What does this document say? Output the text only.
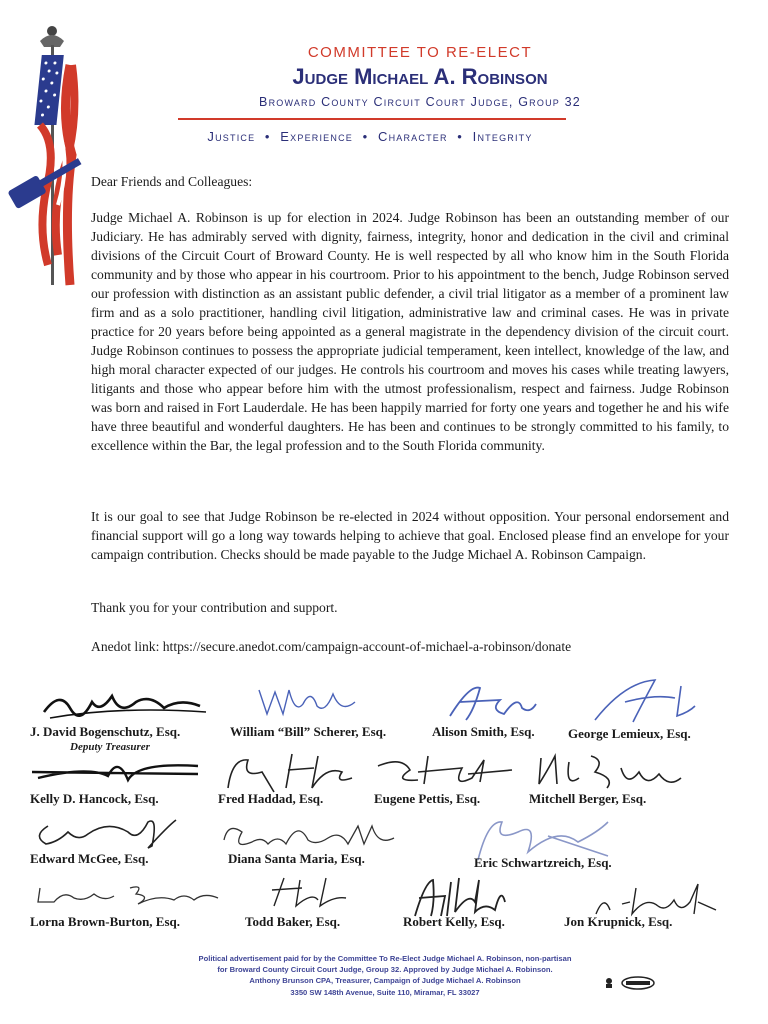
COMMITTEE TO RE-ELECT
Judge Michael A. Robinson
Broward County Circuit Court Judge, Group 32
Justice  •  Experience  •  Character  •  Integrity
Dear Friends and Colleagues:
Judge Michael A. Robinson is up for election in 2024. Judge Robinson has been an outstanding member of our Judiciary. He has admirably served with dignity, fairness, integrity, honor and dedication in the civil and criminal divisions of the Circuit Court of Broward County. He is well respected by all who know him in the South Florida community and by those who appear in his courtroom. Prior to his appointment to the bench, Judge Robinson served our profession with distinction as an assistant public defender, a civil trial litigator as a member of a prominent law firm and as a solo practitioner, handling civil litigation, administrative law and criminal cases. He was in private practice for 20 years before being appointed as a general magistrate in the dependency division of the circuit court. Judge Robinson continues to possess the appropriate judicial temperament, keen intellect, knowledge of the law, and high moral character expected of our judges. He controls his courtroom and moves his cases while treating lawyers, litigants and those who appear before him with the utmost professionalism, respect and fairness. Judge Robinson was born and raised in Fort Lauderdale. He has been happily married for forty one years and together he and his wife have three beautiful and wonderful daughters. He has been and continues to be strongly committed to his family, to excellence within the Bar, the legal profession and to the South Florida community.
It is our goal to see that Judge Robinson be re-elected in 2024 without opposition. Your personal endorsement and financial support will go a long way towards helping to achieve that goal. Enclosed please find an envelope for your campaign contribution. Checks should be made payable to the Judge Michael A. Robinson Campaign.
Thank you for your contribution and support.
Anedot link: https://secure.anedot.com/campaign-account-of-michael-a-robinson/donate
J. David Bogenschutz, Esq.
Deputy Treasurer
William “Bill” Scherer, Esq.	Alison Smith, Esq.	George Lemieux, Esq.
Kelly D. Hancock, Esq.	Fred Haddad, Esq.	Eugene Pettis, Esq.	Mitchell Berger, Esq.
Edward McGee, Esq.	Diana Santa Maria, Esq.	Eric Schwartzreich, Esq.
Lorna Brown-Burton, Esq.	Todd Baker, Esq.	Robert Kelly, Esq.	Jon Krupnick, Esq.
Political advertisement paid for by the Committee To Re-Elect Judge Michael A. Robinson, non-partisan
for Broward County Circuit Court Judge, Group 32. Approved by Judge Michael A. Robinson.
Anthony Brunson CPA, Treasurer, Campaign of Judge Michael A. Robinson
3350 SW 148th Avenue, Suite 110, Miramar, FL 33027
